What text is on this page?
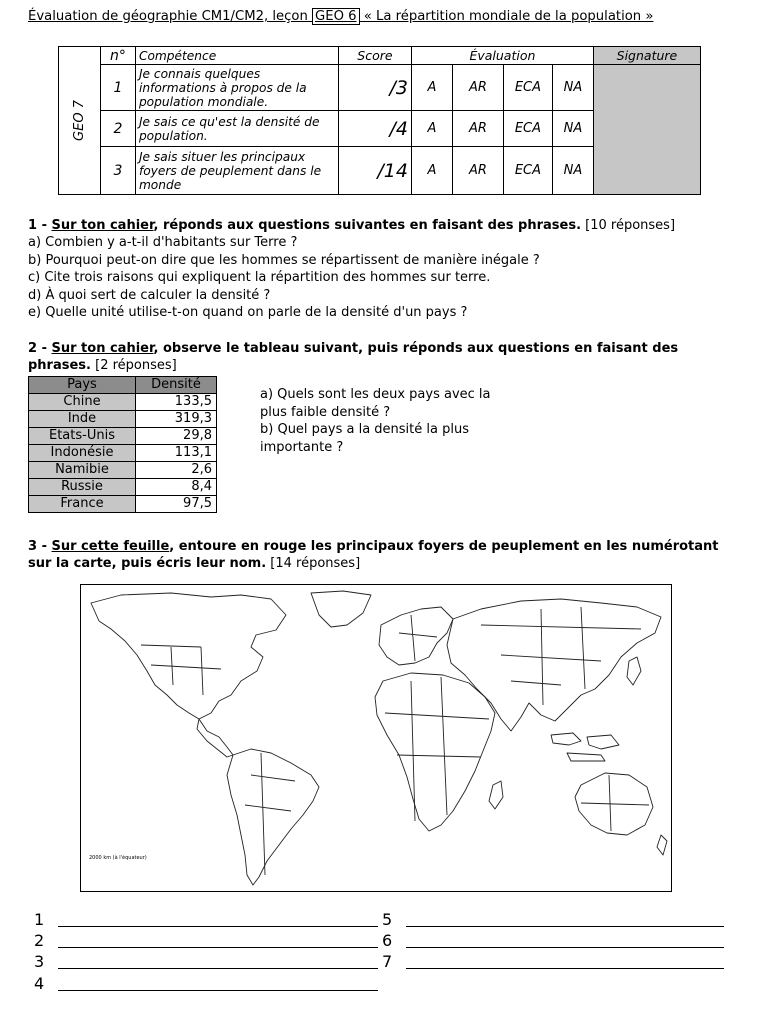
Évaluation de géographie CM1/CM2, leçon GEO 6 « La répartition mondiale de la population »
GEO 7	n°	Compétence	Score	Évaluation				Signature
	1	Je connais quelques informations à propos de la population mondiale.	/3	A	AR	ECA	NA	
	2	Je sais ce qu'est la densité de population.	/4	A	AR	ECA	NA	
	3	Je sais situer les principaux foyers de peuplement dans le monde	/14	A	AR	ECA	NA	
1 - Sur ton cahier, réponds aux questions suivantes en faisant des phrases. [10 réponses]
a) Combien y a-t-il d'habitants sur Terre ?
b) Pourquoi peut-on dire que les hommes se répartissent de manière inégale ?
c) Cite trois raisons qui expliquent la répartition des hommes sur terre.
d) À quoi sert de calculer la densité ?
e) Quelle unité utilise-t-on quand on parle de la densité d'un pays ?
2 - Sur ton cahier, observe le tableau suivant, puis réponds aux questions en faisant des phrases. [2 réponses]
Pays	Densité
Chine	133,5
Inde	319,3
Etats-Unis	29,8
Indonésie	113,1
Namibie	2,6
Russie	8,4
France	97,5
a) Quels sont les deux pays avec la plus faible densité ?
b) Quel pays a la densité la plus importante ?
3 - Sur cette feuille, entoure en rouge les principaux foyers de peuplement en les numérotant sur la carte, puis écris leur nom. [14 réponses]
2000 km (à l'équateur)
1
2
3
4
5
6
7
